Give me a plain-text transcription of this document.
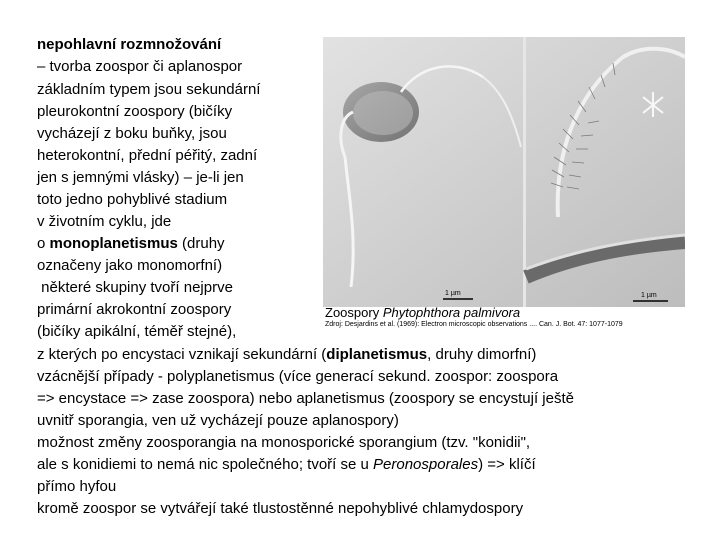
nepohlavní rozmnožování
– tvorba zoospor či aplanospor
základním typem jsou sekundární
pleurokontní zoospory (bičíky
vycházejí z boku buňky, jsou
heterokontní, přední péřitý, zadní
jen s jemnými vlásky) – je-li jen
toto jedno pohyblivé stadium
v životním cyklu, jde
o monoplanetismus (druhy
označeny jako monomorfní)
některé skupiny tvoří nejprve
primární akrokontní zoospory
(bičíky apikální, téměř stejné),
z kterých po encystaci vznikají sekundární (diplanetismus, druhy dimorfní)
vzácnější případy - polyplanetismus (více generací sekund. zoospor: zoospora
=> encystace => zase zoospora) nebo aplanetismus (zoospory se encystují ještě
uvnitř sporangia, ven už vycházejí pouze aplanospory)
možnost změny zoosporangia na monosporické sporangium (tzv. "konidii",
ale s konidiemi to nemá nic společného; tvoří se u Peronosporales) => klíčí
přímo hyfou
kromě zoospor se vytvářejí také tlustostěnné nepohyblivé chlamydospory
1 µm	1 µm
Zoospory Phytophthora palmivora
Zdroj: Desjardins et al. (1969): Electron microscopic observations .... Can. J. Bot. 47: 1077-1079
